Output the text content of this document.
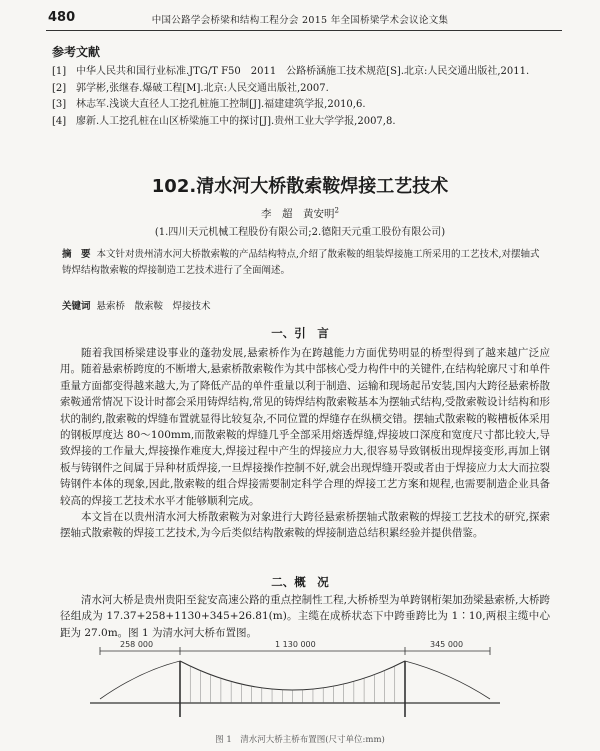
480	中国公路学会桥梁和结构工程分会 2015 年全国桥梁学术会议论文集
参考文献
[1] 中华人民共和国行业标准.JTG/T F50　2011　公路桥涵施工技术规范[S].北京:人民交通出版社,2011.
[2] 郭学彬,张继春.爆破工程[M].北京:人民交通出版社,2007.
[3] 林志军.浅谈大直径人工挖孔桩施工控制[J].福建建筑学报,2010,6.
[4] 廖新.人工挖孔桩在山区桥梁施工中的探讨[J].贵州工业大学学报,2007,8.
102.清水河大桥散索鞍焊接工艺技术
李　超　黄安明$^2$
(1.四川天元机械工程股份有限公司;2.德阳天元重工股份有限公司)
摘　要 本文针对贵州清水河大桥散索鞍的产品结构特点,介绍了散索鞍的组装焊接施工所采用的工艺技术,对摆轴式铸焊结构散索鞍的焊接制造工艺技术进行了全面阐述。
关键词 悬索桥　散索鞍　焊接技术
一、引　言

随着我国桥梁建设事业的蓬勃发展,悬索桥作为在跨越能力方面优势明显的桥型得到了越来越广泛应用。随着悬索桥跨度的不断增大,悬索桥散索鞍作为其中部核心受力构件中的关键件,在结构轮廓尺寸和单件重量方面都变得越来越大,为了降低产品的单件重量以利于制造、运输和现场起吊安装,国内大跨径悬索桥散索鞍通常情况下设计时都会采用铸焊结构,常见的铸焊结构散索鞍基本为摆轴式结构,受散索鞍设计结构和形状的制约,散索鞍的焊缝布置就显得比较复杂,不同位置的焊缝存在纵横交错。摆轴式散索鞍的鞍槽板体采用的钢板厚度达 80～100mm,而散索鞍的焊缝几乎全部采用熔透焊缝,焊接坡口深度和宽度尺寸都比较大,导致焊接的工作量大,焊接操作难度大,焊接过程中产生的焊接应力大,很容易导致钢板出现焊接变形,再加上钢板与铸钢件之间属于异种材质焊接,一旦焊接操作控制不好,就会出现焊缝开裂或者由于焊接应力太大而拉裂铸钢件本体的现象,因此,散索鞍的组合焊接需要制定科学合理的焊接工艺方案和规程,也需要制造企业具备较高的焊接工艺技术水平才能够顺利完成。

本文旨在以贵州清水河大桥散索鞍为对象进行大跨径悬索桥摆轴式散索鞍的焊接工艺技术的研究,探索摆轴式散索鞍的焊接工艺技术,为今后类似结构散索鞍的焊接制造总结积累经验并提供借鉴。

二、概　况

清水河大桥是贵州贵阳至瓮安高速公路的重点控制性工程,大桥桥型为单跨钢桁架加劲梁悬索桥,大桥跨径组成为 17.37+258+1130+345+26.81(m)。主缆在成桥状态下中跨垂跨比为 1∶10,两根主缆中心距为 27.0m。图 1 为清水河大桥布置图。

258 000	1 130 000	345 000
图 1　清水河大桥主桥布置图(尺寸单位:mm)
